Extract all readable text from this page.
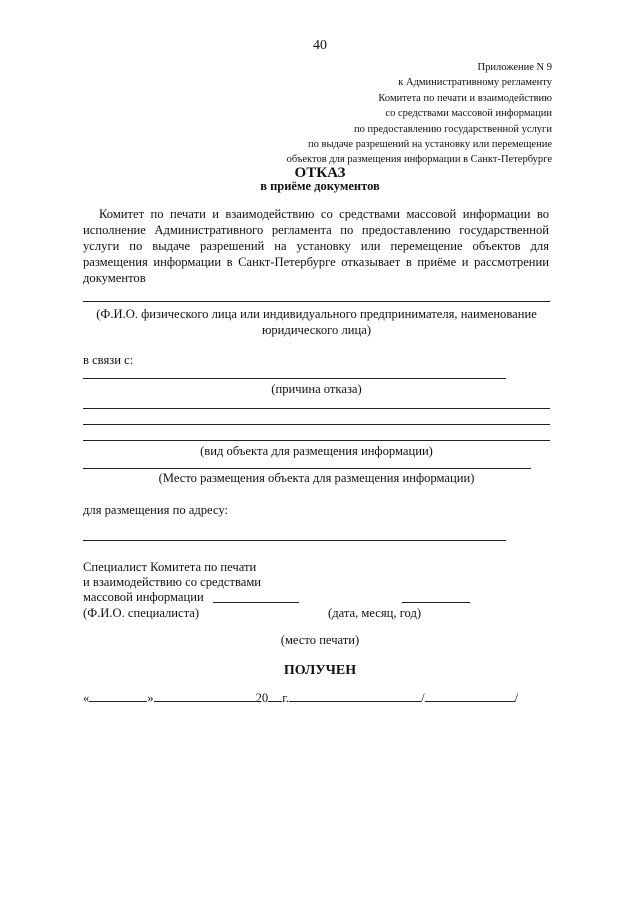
40
Приложение N 9
к Административному регламенту
Комитета по печати и взаимодействию
со средствами массовой информации
по предоставлению государственной услуги
по выдаче разрешений на установку или перемещение
объектов для размещения информации в Санкт-Петербурге
ОТКАЗ
в приёме документов
Комитет по печати и взаимодействию со средствами массовой информации во исполнение Административного регламента по предоставлению государственной услуги по выдаче разрешений на установку или перемещение объектов для размещения информации в Санкт-Петербурге отказывает в приёме и рассмотрении документов
(Ф.И.О. физического лица или индивидуального предпринимателя, наименование
юридического лица)
в связи с:
(причина отказа)
(вид объекта для размещения информации)
(Место размещения объекта для размещения информации)
для размещения по адресу:
Специалист Комитета по печати
и взаимодействию со средствами
массовой информации
(Ф.И.О. специалиста)	(дата, месяц, год)
(место печати)
ПОЛУЧЕН
«	»	20 г.	/	/
